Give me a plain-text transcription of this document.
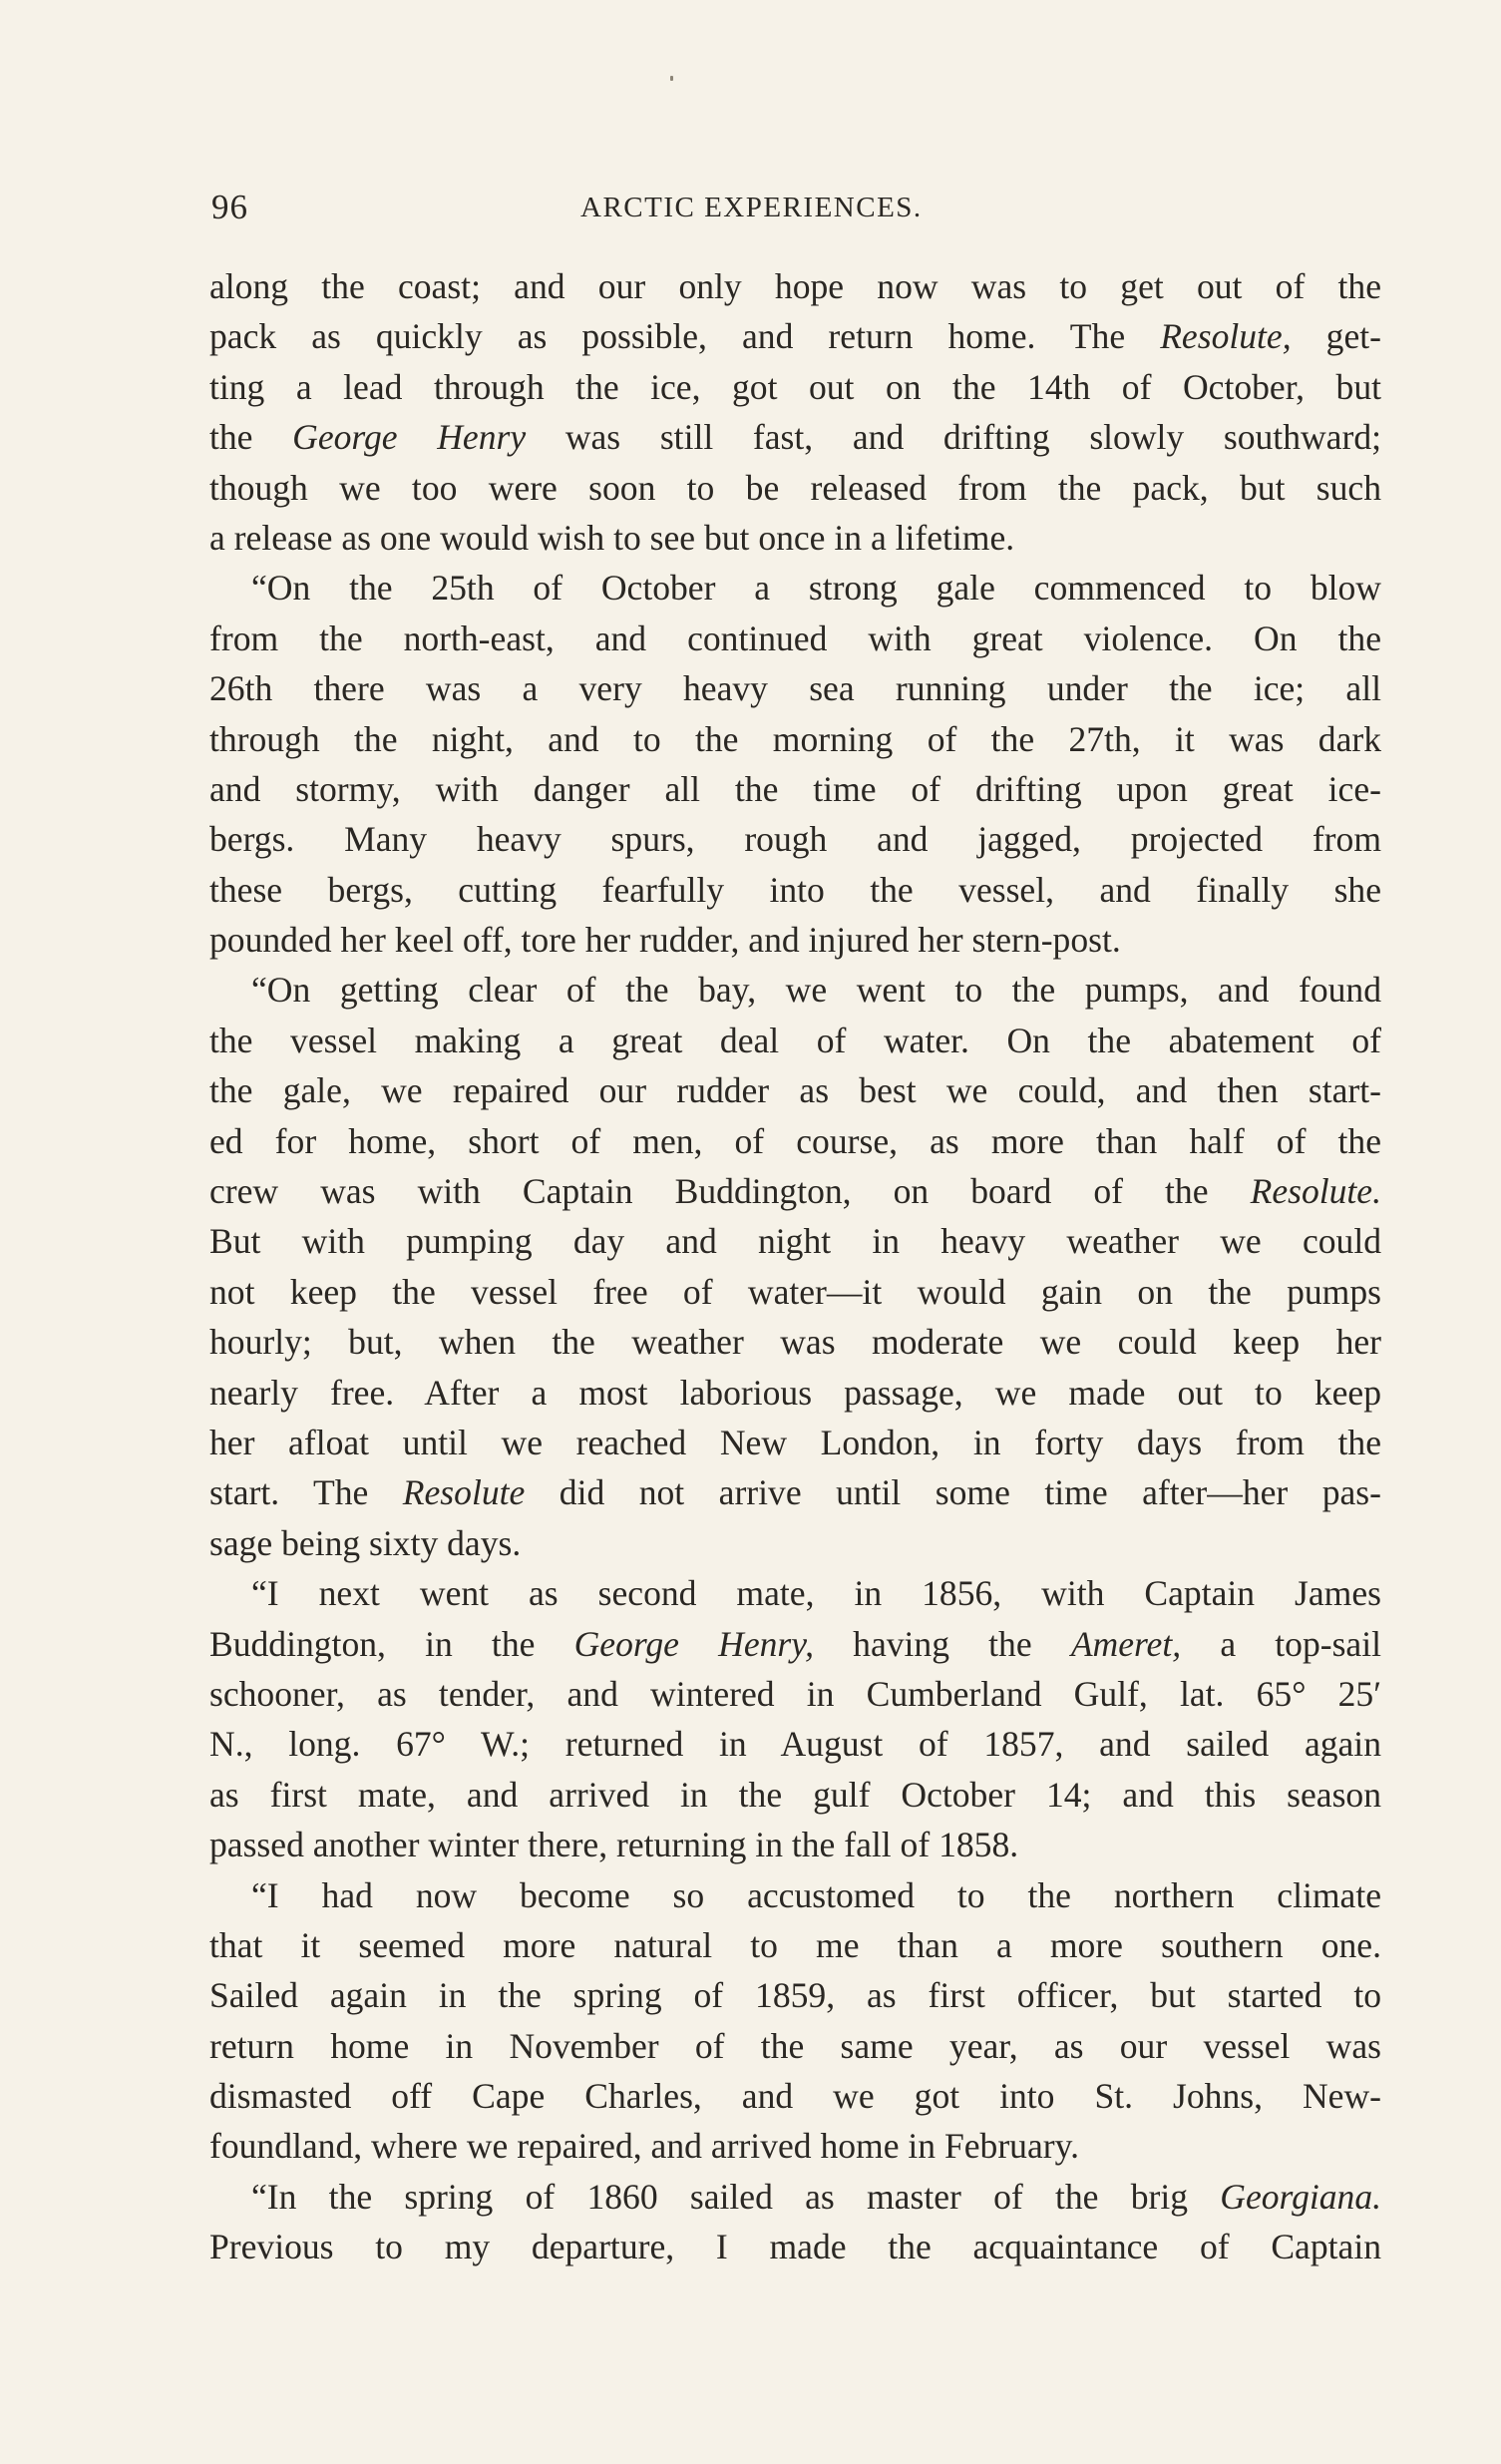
96	ARCTIC EXPERIENCES.
along the coast; and our only hope now was to get out of the
pack as quickly as possible, and return home. The Resolute, get-
ting a lead through the ice, got out on the 14th of October, but
the George Henry was still fast, and drifting slowly southward;
though we too were soon to be released from the pack, but such
a release as one would wish to see but once in a lifetime.
“On the 25th of October a strong gale commenced to blow
from the north-east, and continued with great violence. On the
26th there was a very heavy sea running under the ice; all
through the night, and to the morning of the 27th, it was dark
and stormy, with danger all the time of drifting upon great ice-
bergs. Many heavy spurs, rough and jagged, projected from
these bergs, cutting fearfully into the vessel, and finally she
pounded her keel off, tore her rudder, and injured her stern-post.
“On getting clear of the bay, we went to the pumps, and found
the vessel making a great deal of water. On the abatement of
the gale, we repaired our rudder as best we could, and then start-
ed for home, short of men, of course, as more than half of the
crew was with Captain Buddington, on board of the Resolute.
But with pumping day and night in heavy weather we could
not keep the vessel free of water—it would gain on the pumps
hourly; but, when the weather was moderate we could keep her
nearly free. After a most laborious passage, we made out to keep
her afloat until we reached New London, in forty days from the
start. The Resolute did not arrive until some time after—her pas-
sage being sixty days.
“I next went as second mate, in 1856, with Captain James
Buddington, in the George Henry, having the Ameret, a top-sail
schooner, as tender, and wintered in Cumberland Gulf, lat. 65° 25′
N., long. 67° W.; returned in August of 1857, and sailed again
as first mate, and arrived in the gulf October 14; and this season
passed another winter there, returning in the fall of 1858.
“I had now become so accustomed to the northern climate
that it seemed more natural to me than a more southern one.
Sailed again in the spring of 1859, as first officer, but started to
return home in November of the same year, as our vessel was
dismasted off Cape Charles, and we got into St. Johns, New-
foundland, where we repaired, and arrived home in February.
“In the spring of 1860 sailed as master of the brig Georgiana.
Previous to my departure, I made the acquaintance of Captain
